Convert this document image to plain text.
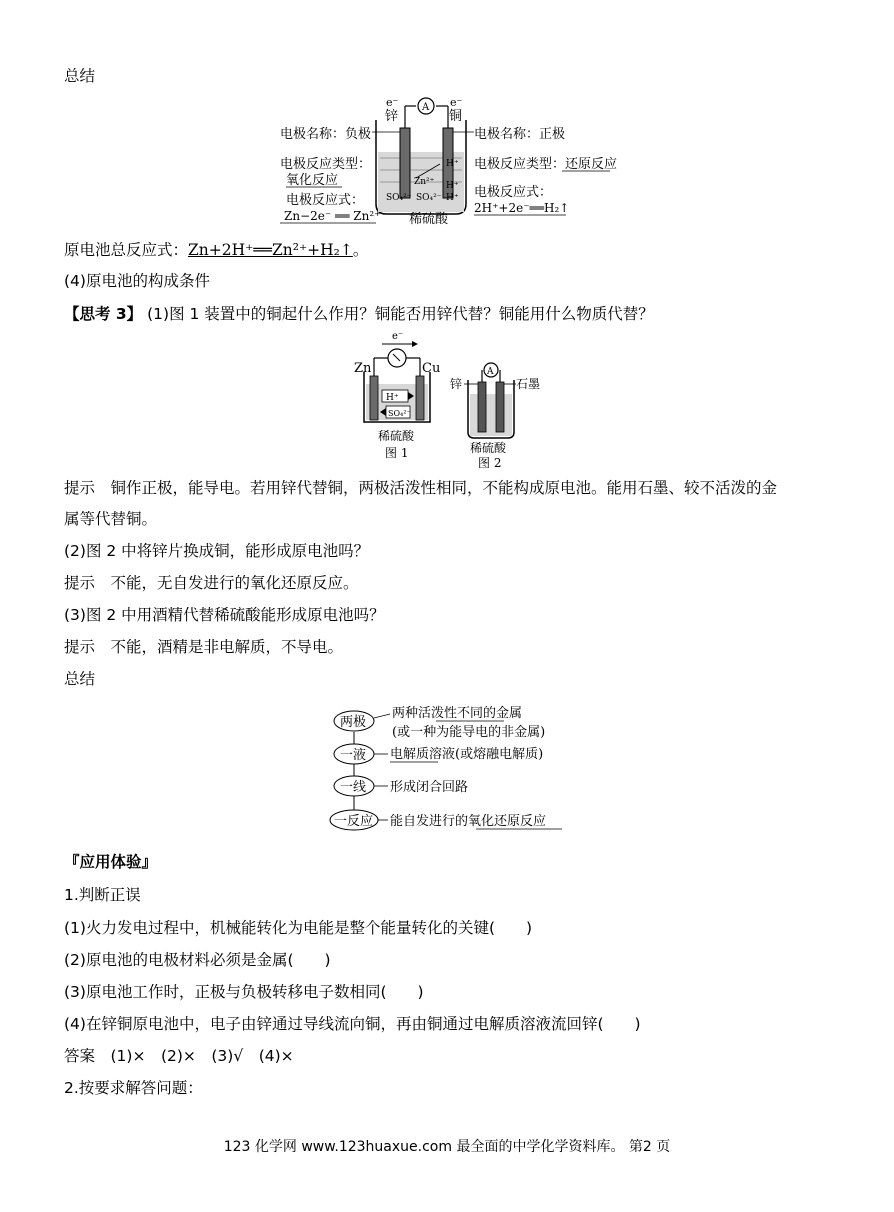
总结
e⁻
锌
e⁻
铜
A
H⁺
Zn²⁺
SO₄²⁻ SO₄²⁻
H⁺
H⁺
稀硫酸
电极名称：负极
电极反应类型：
氧化反应
电极反应式：
Zn−2e⁻ ══ Zn²⁺
电极名称：正极
电极反应类型：还原反应
电极反应式：
2H⁺+2e⁻══H₂↑
原电池总反应式：Zn+2H⁺══Zn²⁺+H₂↑。
(4)原电池的构成条件
【思考 3】 (1)图 1 装置中的铜起什么作用？铜能否用锌代替？铜能用什么物质代替？
e⁻
Zn	Cu
H⁺
SO₄²⁻
稀硫酸
图 1
锌	石墨
A
稀硫酸
图 2
提示　铜作正极，能导电。若用锌代替铜，两极活泼性相同，不能构成原电池。能用石墨、较不活泼的金
属等代替铜。
(2)图 2 中将锌片换成铜，能形成原电池吗？
提示　不能，无自发进行的氧化还原反应。
(3)图 2 中用酒精代替稀硫酸能形成原电池吗？
提示　不能，酒精是非电解质，不导电。
总结
两极
两种活泼性不同的金属
(或一种为能导电的非金属)
一液 电解质溶液(或熔融电解质)
一线 形成闭合回路
一反应 能自发进行的氧化还原反应
『应用体验』
1.判断正误
(1)火力发电过程中，机械能转化为电能是整个能量转化的关键(　　)
(2)原电池的电极材料必须是金属(　　)
(3)原电池工作时，正极与负极转移电子数相同(　　)
(4)在锌铜原电池中，电子由锌通过导线流向铜，再由铜通过电解质溶液流回锌(　　)
答案　(1)×　(2)×　(3)√　(4)×
2.按要求解答问题：
123 化学网 www.123huaxue.com 最全面的中学化学资料库。 第2 页
